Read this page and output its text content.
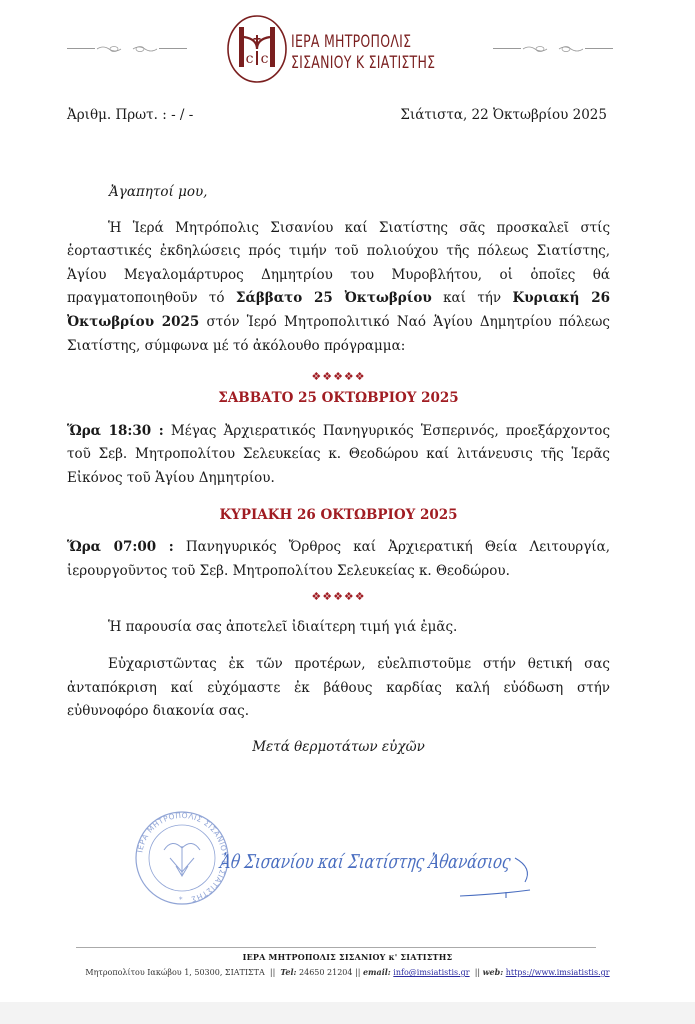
c c
ΙΕΡΑ ΜΗΤΡΟΠΟΛΙΣ
ΣΙΣΑΝΙΟΥ Κ ΣΙΑΤΙΣΤΗΣ
Ἀριθμ. Πρωτ. : - / -	Σιάτιστα, 22 Ὀκτωβρίου 2025

Ἀγαπητοί μου,

Ἡ Ἱερά Μητρόπολις Σισανίου καί Σιατίστης σᾶς προσκαλεῖ στίς ἑορταστικές ἐκδηλώσεις πρός τιμήν τοῦ πολιούχου τῆς πόλεως Σιατίστης, Ἁγίου Μεγαλομάρτυρος Δημητρίου του Μυροβλήτου, οἱ ὁποῖες θά πραγματοποιηθοῦν τό Σάββατο 25 Ὀκτωβρίου καί τήν Κυριακή 26 Ὀκτωβρίου 2025 στόν Ἱερό Μητροπολιτικό Ναό Ἁγίου Δημητρίου πόλεως Σιατίστης, σύμφωνα μέ τό ἀκόλουθο πρόγραμμα:

❖❖❖❖❖

ΣΑΒΒΑΤΟ 25 ΟΚΤΩΒΡΙΟΥ 2025

Ὥρα 18:30 : Μέγας Ἀρχιερατικός Πανηγυρικός Ἑσπερινός, προεξάρχοντος τοῦ Σεβ. Μητροπολίτου Σελευκείας κ. Θεοδώρου καί λιτάνευσις τῆς Ἱερᾶς Εἰκόνος τοῦ Ἁγίου Δημητρίου.

ΚΥΡΙΑΚΗ 26 ΟΚΤΩΒΡΙΟΥ 2025

Ὥρα 07:00 : Πανηγυρικός Ὄρθρος καί Ἀρχιερατική Θεία Λειτουργία, ἱερουργοῦντος τοῦ Σεβ. Μητροπολίτου Σελευκείας κ. Θεοδώρου.

❖❖❖❖❖

Ἡ παρουσία σας ἀποτελεῖ ἰδιαίτερη τιμή γιά ἐμᾶς.

Εὐχαριστῶντας ἐκ τῶν προτέρων, εὐελπιστοῦμε στήν θετική σας ἀνταπόκριση καί εὐχόμαστε ἐκ βάθους καρδίας καλή εὐόδωση στήν εὐθυνοφόρο διακονία σας.

Μετά θερμοτάτων εὐχῶν

ΙΕΡΑ ΜΗΤΡΟΠΟΛΙΣ ΣΙΣΑΝΙΟΥ & ΣΙΑΤΙΣΤΗΣ
*
Ἀθ Σισανίου καί Σιατίστης Ἀθανάσιος
ΙΕΡΑ ΜΗΤΡΟΠΟΛΙΣ ΣΙΣΑΝΙΟΥ κ' ΣΙΑΤΙΣΤΗΣ
Μητροπολίτου Ιακώβου 1, 50300, ΣΙΑΤΙΣΤΑ || Tel: 24650 21204 || email: info@imsiatistis.gr || web: https://www.imsiatistis.gr
